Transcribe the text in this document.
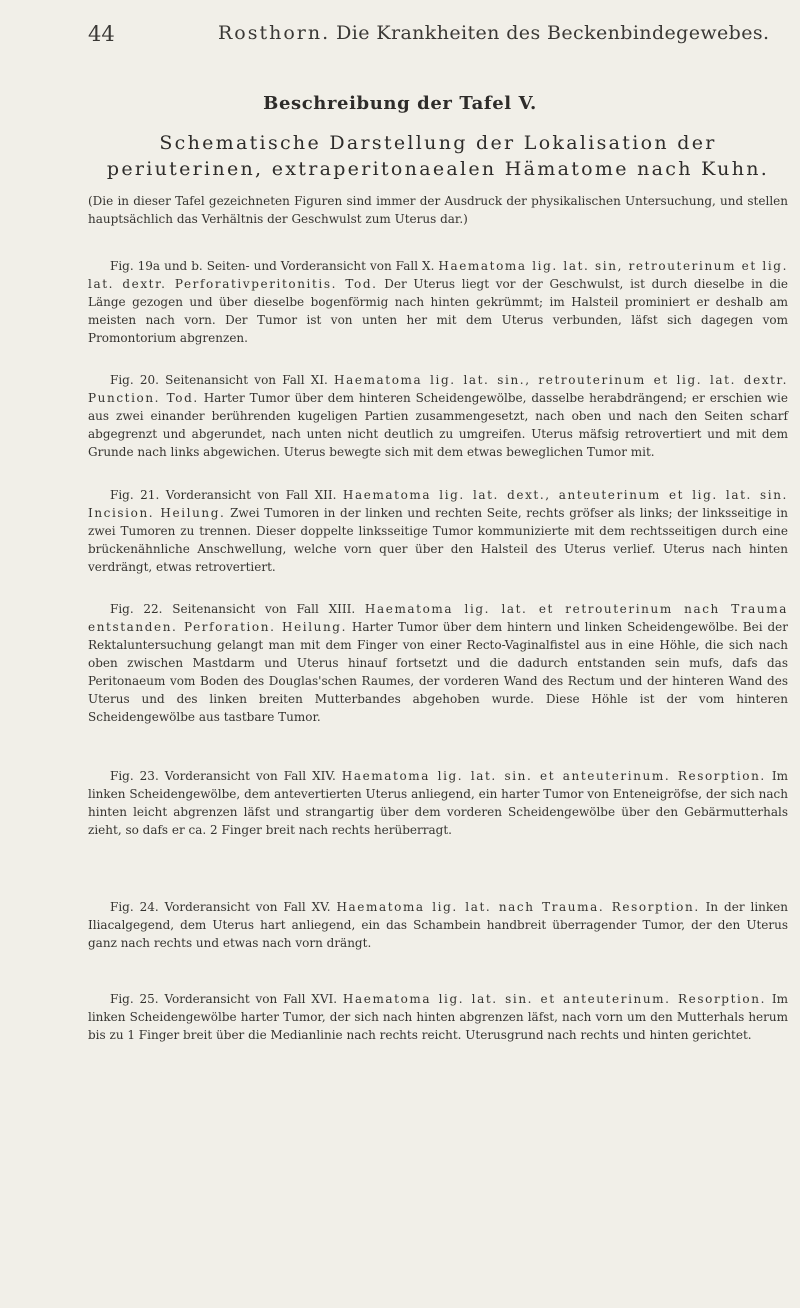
44	Rosthorn. Die Krankheiten des Beckenbindegewebes.
Beschreibung der Tafel V.
Schematische Darstellung der Lokalisation der periuterinen, extraperitonaealen Hämatome nach Kuhn.
(Die in dieser Tafel gezeichneten Figuren sind immer der Ausdruck der physikalischen Untersuchung, und stellen hauptsächlich das Verhältnis der Geschwulst zum Uterus dar.)

Fig. 19a und b. Seiten- und Vorderansicht von Fall X. Haematoma lig. lat. sin, retrouterinum et lig. lat. dextr. Perforativperitonitis. Tod. Der Uterus liegt vor der Geschwulst, ist durch dieselbe in die Länge gezogen und über dieselbe bogenförmig nach hinten gekrümmt; im Halsteil prominiert er deshalb am meisten nach vorn. Der Tumor ist von unten her mit dem Uterus verbunden, läfst sich dagegen vom Promontorium abgrenzen.

Fig. 20. Seitenansicht von Fall XI. Haematoma lig. lat. sin., retrouterinum et lig. lat. dextr. Punction. Tod. Harter Tumor über dem hinteren Scheidengewölbe, dasselbe herabdrängend; er erschien wie aus zwei einander berührenden kugeligen Partien zusammengesetzt, nach oben und nach den Seiten scharf abgegrenzt und abgerundet, nach unten nicht deutlich zu umgreifen. Uterus mäfsig retrovertiert und mit dem Grunde nach links abgewichen. Uterus bewegte sich mit dem etwas beweglichen Tumor mit.

Fig. 21. Vorderansicht von Fall XII. Haematoma lig. lat. dext., anteuterinum et lig. lat. sin. Incision. Heilung. Zwei Tumoren in der linken und rechten Seite, rechts gröfser als links; der linksseitige in zwei Tumoren zu trennen. Dieser doppelte linksseitige Tumor kommunizierte mit dem rechtsseitigen durch eine brückenähnliche Anschwellung, welche vorn quer über den Halsteil des Uterus verlief. Uterus nach hinten verdrängt, etwas retrovertiert.

Fig. 22. Seitenansicht von Fall XIII. Haematoma lig. lat. et retrouterinum nach Trauma entstanden. Perforation. Heilung. Harter Tumor über dem hintern und linken Scheidengewölbe. Bei der Rektaluntersuchung gelangt man mit dem Finger von einer Recto-Vaginalfistel aus in eine Höhle, die sich nach oben zwischen Mastdarm und Uterus hinauf fortsetzt und die dadurch entstanden sein mufs, dafs das Peritonaeum vom Boden des Douglas'schen Raumes, der vorderen Wand des Rectum und der hinteren Wand des Uterus und des linken breiten Mutterbandes abgehoben wurde. Diese Höhle ist der vom hinteren Scheidengewölbe aus tastbare Tumor.

Fig. 23. Vorderansicht von Fall XIV. Haematoma lig. lat. sin. et anteuterinum. Resorption. Im linken Scheidengewölbe, dem antevertierten Uterus anliegend, ein harter Tumor von Enteneigröfse, der sich nach hinten leicht abgrenzen läfst und strangartig über dem vorderen Scheidengewölbe über den Gebärmutterhals zieht, so dafs er ca. 2 Finger breit nach rechts herüberragt.

Fig. 24. Vorderansicht von Fall XV. Haematoma lig. lat. nach Trauma. Resorption. In der linken Iliacalgegend, dem Uterus hart anliegend, ein das Schambein handbreit überragender Tumor, der den Uterus ganz nach rechts und etwas nach vorn drängt.

Fig. 25. Vorderansicht von Fall XVI. Haematoma lig. lat. sin. et anteuterinum. Resorption. Im linken Scheidengewölbe harter Tumor, der sich nach hinten abgrenzen läfst, nach vorn um den Mutterhals herum bis zu 1 Finger breit über die Medianlinie nach rechts reicht. Uterusgrund nach rechts und hinten gerichtet.
